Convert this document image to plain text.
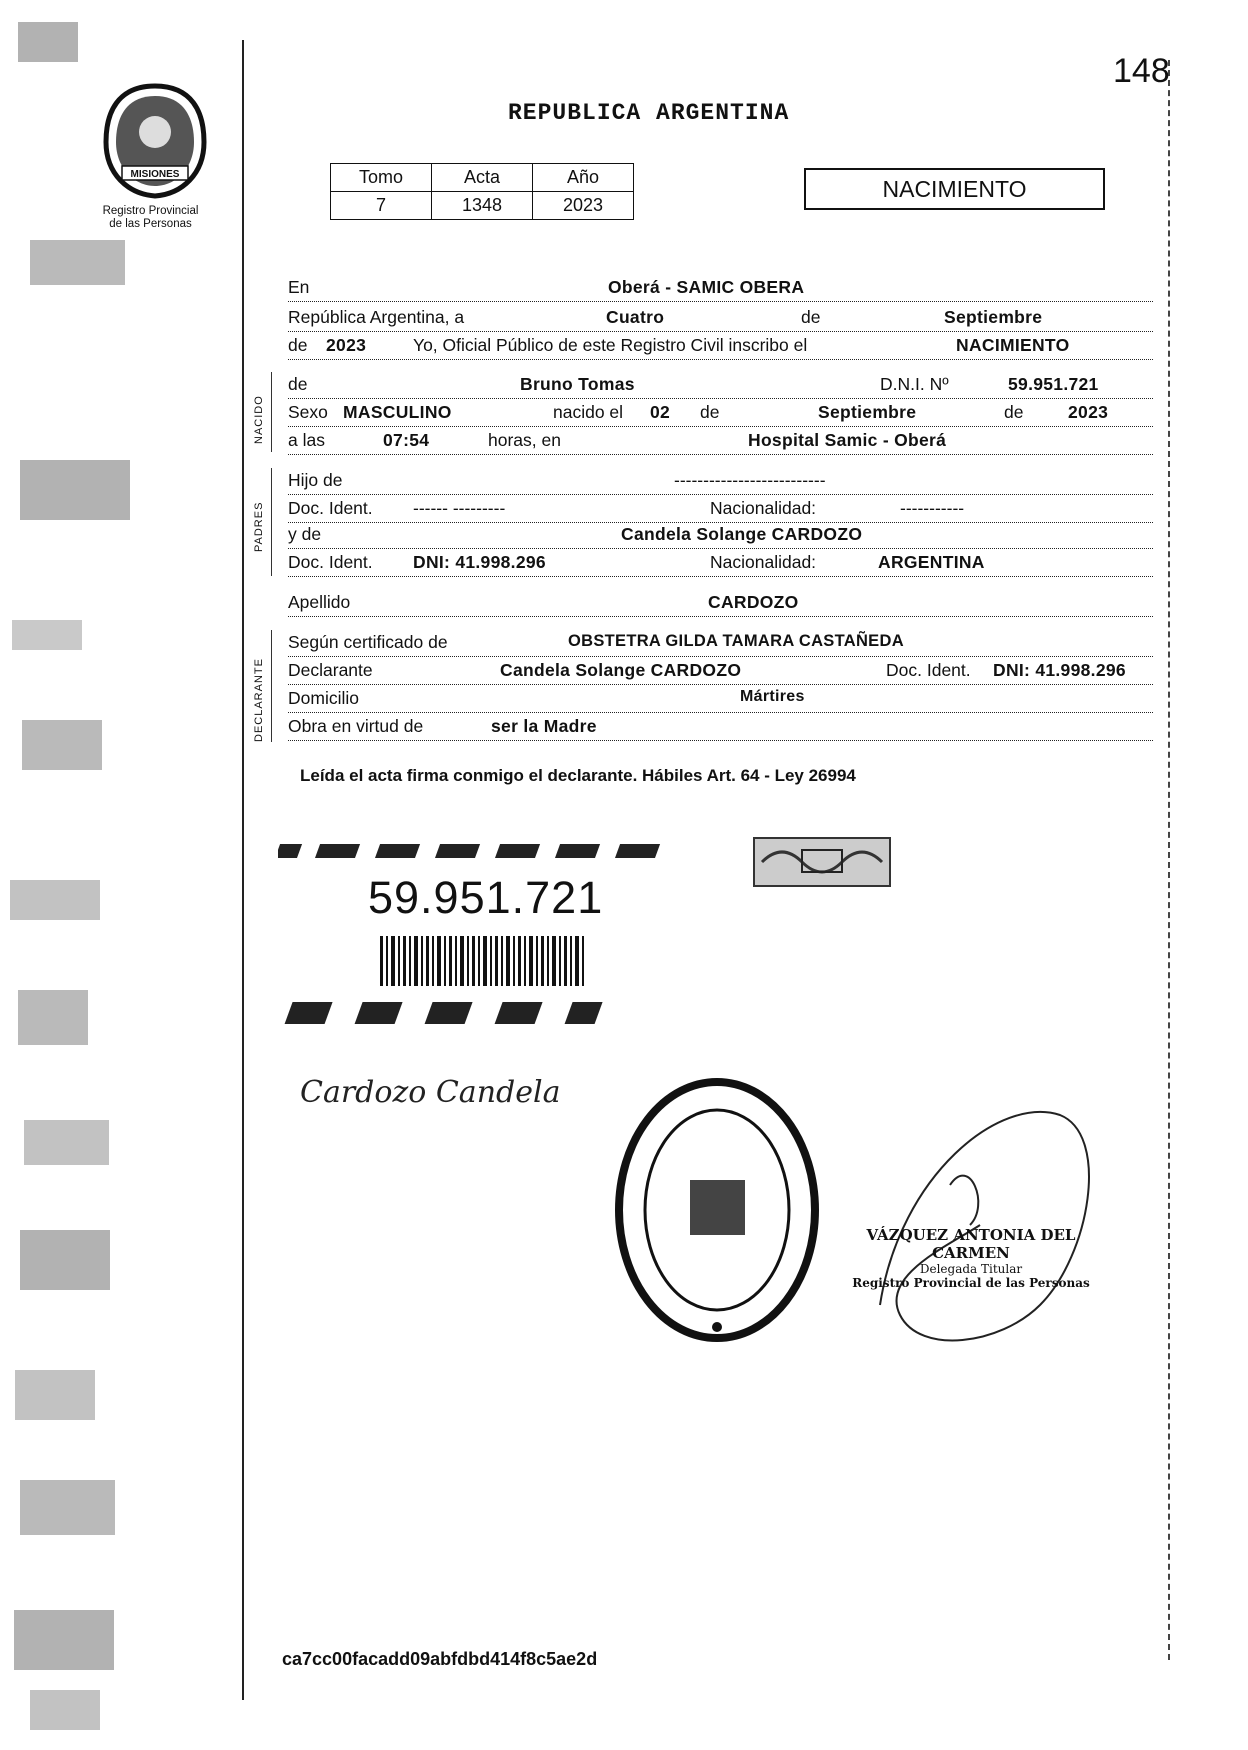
MISIONES
Registro Provincial
de las Personas
148
REPUBLICA ARGENTINA
Tomo	Acta	Año
7	1348	2023
NACIMIENTO
En	Oberá - SAMIC OBERA
República Argentina, a	Cuatro	de	Septiembre
de 2023	Yo, Oficial Público de este Registro Civil inscribo el	NACIMIENTO
NACIDO
de	Bruno Tomas	D.N.I. Nº	59.951.721
Sexo MASCULINO	nacido el 02 de	Septiembre	de	2023
a las	07:54	horas, en	Hospital Samic - Oberá
PADRES
Hijo de	--------------------------
Doc. Ident. ------ ---------	Nacionalidad:	-----------
y de	Candela Solange CARDOZO
Doc. Ident. DNI: 41.998.296	Nacionalidad:	ARGENTINA
Apellido	CARDOZO
DECLARANTE
Según certificado de	OBSTETRA GILDA TAMARA CASTAÑEDA
Declarante	Candela Solange CARDOZO	Doc. Ident. DNI: 41.998.296
Domicilio	Mártires
Obra en virtud de	ser la Madre
Leída el acta firma conmigo el declarante. Hábiles Art. 64 - Ley 26994
59.951.721
Cardozo Candela
VÁZQUEZ ANTONIA DEL CARMEN
Delegada Titular
Registro Provincial de las Personas
ca7cc00facadd09abfdbd414f8c5ae2d
